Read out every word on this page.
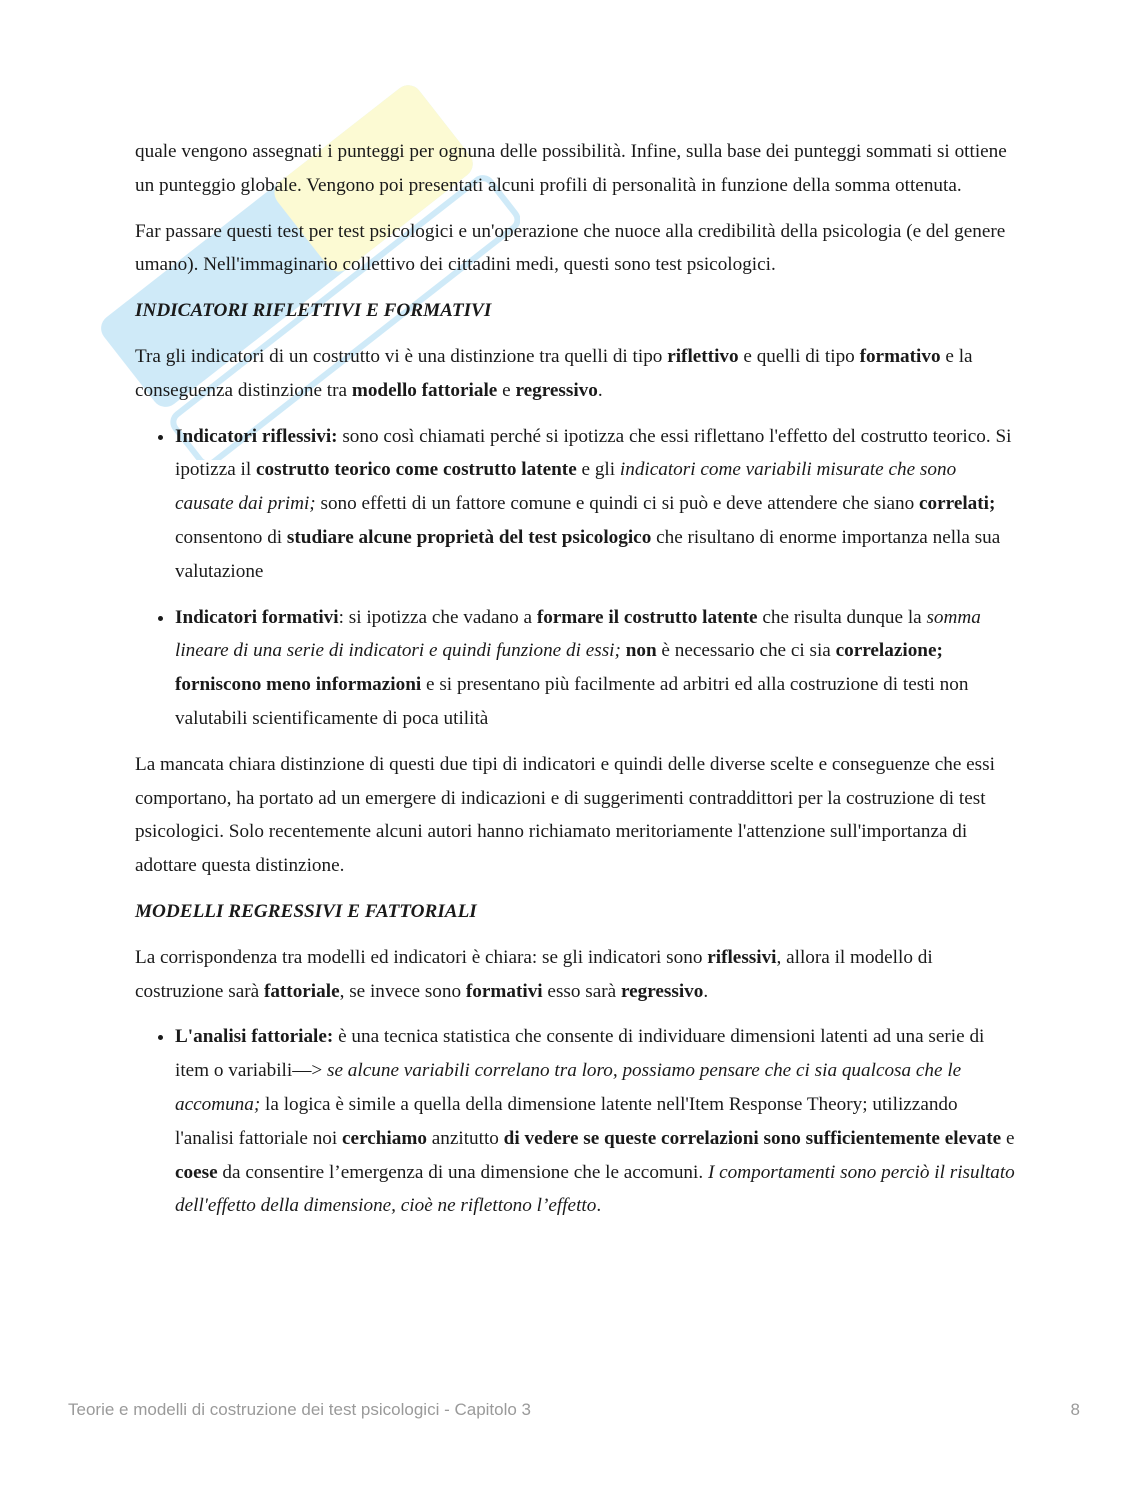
quale vengono assegnati i punteggi per ognuna delle possibilità. Infine, sulla base dei punteggi sommati si ottiene un punteggio globale. Vengono poi presentati alcuni profili di personalità in funzione della somma ottenuta.

Far passare questi test per test psicologici e un'operazione che nuoce alla credibilità della psicologia (e del genere umano). Nell'immaginario collettivo dei cittadini medi, questi sono test psicologici.

INDICATORI RIFLETTIVI E FORMATIVI

Tra gli indicatori di un costrutto vi è una distinzione tra quelli di tipo riflettivo e quelli di tipo formativo e la conseguenza distinzione tra modello fattoriale e regressivo.

• Indicatori riflessivi: sono così chiamati perché si ipotizza che essi riflettano l'effetto del costrutto teorico. Si ipotizza il costrutto teorico come costrutto latente e gli indicatori come variabili misurate che sono causate dai primi; sono effetti di un fattore comune e quindi ci si può e deve attendere che siano correlati; consentono di studiare alcune proprietà del test psicologico che risultano di enorme importanza nella sua valutazione
• Indicatori formativi: si ipotizza che vadano a formare il costrutto latente che risulta dunque la somma lineare di una serie di indicatori e quindi funzione di essi; non è necessario che ci sia correlazione; forniscono meno informazioni e si presentano più facilmente ad arbitri ed alla costruzione di testi non valutabili scientificamente di poca utilità

La mancata chiara distinzione di questi due tipi di indicatori e quindi delle diverse scelte e conseguenze che essi comportano, ha portato ad un emergere di indicazioni e di suggerimenti contraddittori per la costruzione di test psicologici. Solo recentemente alcuni autori hanno richiamato meritoriamente l'attenzione sull'importanza di adottare questa distinzione.

MODELLI REGRESSIVI E FATTORIALI

La corrispondenza tra modelli ed indicatori è chiara: se gli indicatori sono riflessivi, allora il modello di costruzione sarà fattoriale, se invece sono formativi esso sarà regressivo.

• L'analisi fattoriale: è una tecnica statistica che consente di individuare dimensioni latenti ad una serie di item o variabili—> se alcune variabili correlano tra loro, possiamo pensare che ci sia qualcosa che le accomuna; la logica è simile a quella della dimensione latente nell'Item Response Theory; utilizzando l'analisi fattoriale noi cerchiamo anzitutto di vedere se queste correlazioni sono sufficientemente elevate e coese da consentire l’emergenza di una dimensione che le accomuni. I comportamenti sono perciò il risultato dell'effetto della dimensione, cioè ne riflettono l’effetto.
Teorie e modelli di costruzione dei test psicologici - Capitolo 3	8
